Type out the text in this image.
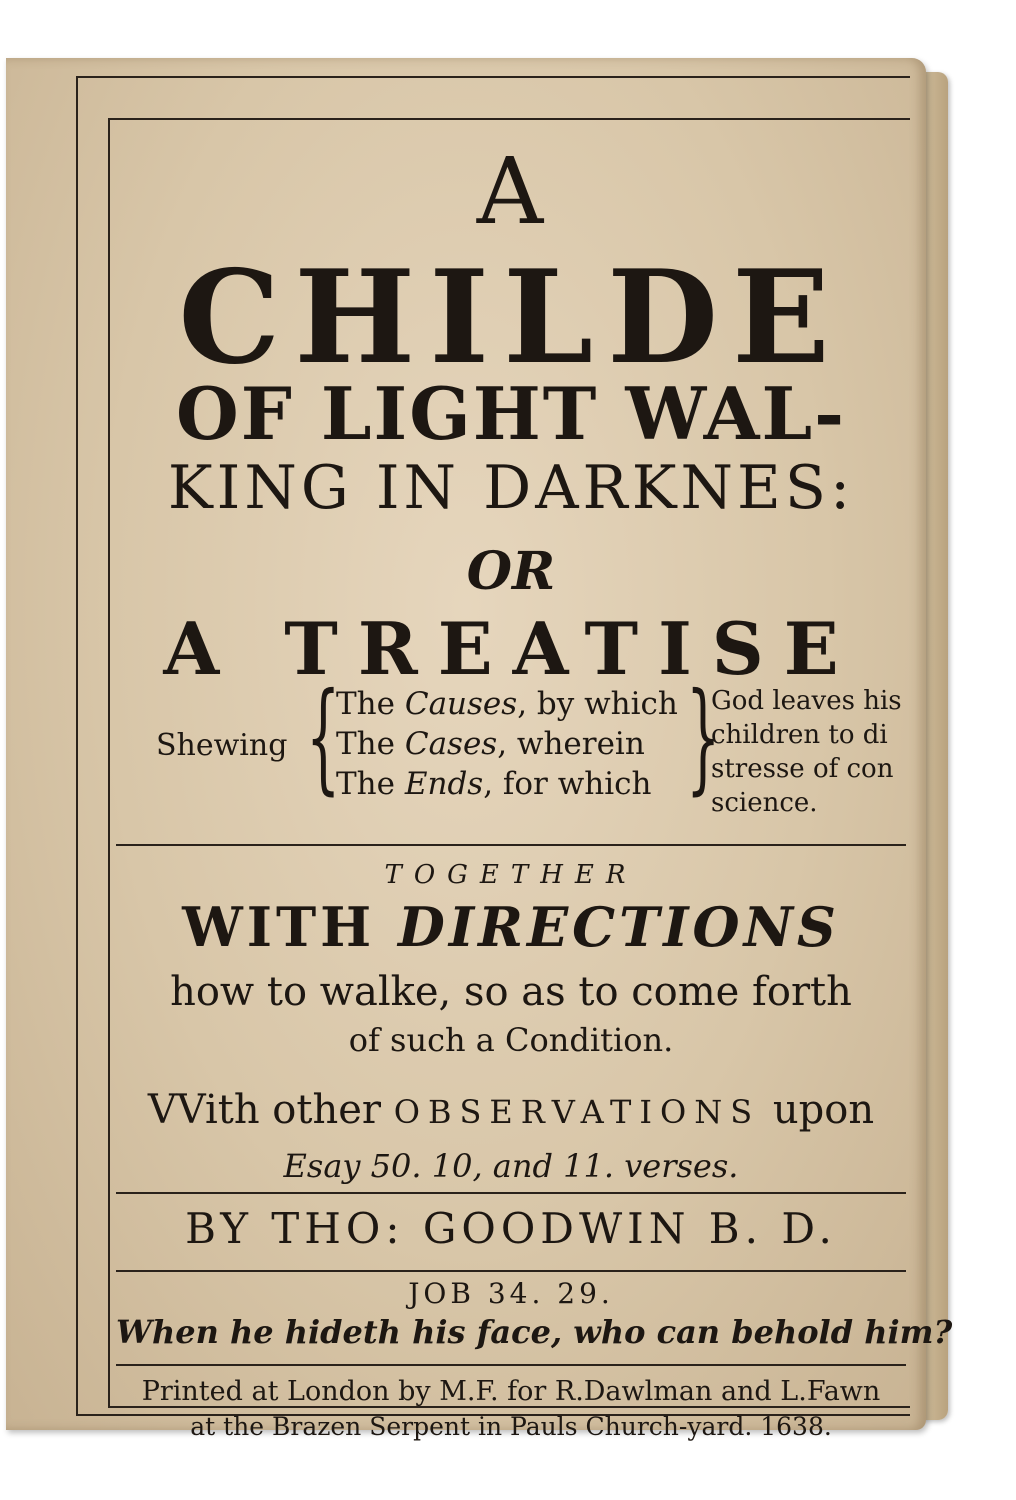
A
CHILDE
OF LIGHT WAL-
KING IN DARKNES:
OR
A TREATISE
Shewing {
The Causes, by which
The Cases, wherein
The Ends, for which }
God leaves his
children to di
stresse of con
science.
TOGETHER
WITH DIRECTIONS
how to walke, so as to come forth
of such a Condition.
VVith other OBSERVATIONS upon
Esay 50. 10, and 11. verses.
BY THO: GOODWIN B. D.
JOB 34. 29.
When he hideth his face, who can behold him?
Printed at London by M.F. for R.Dawlman and L.Fawn
at the Brazen Serpent in Pauls Church-yard. 1638.
